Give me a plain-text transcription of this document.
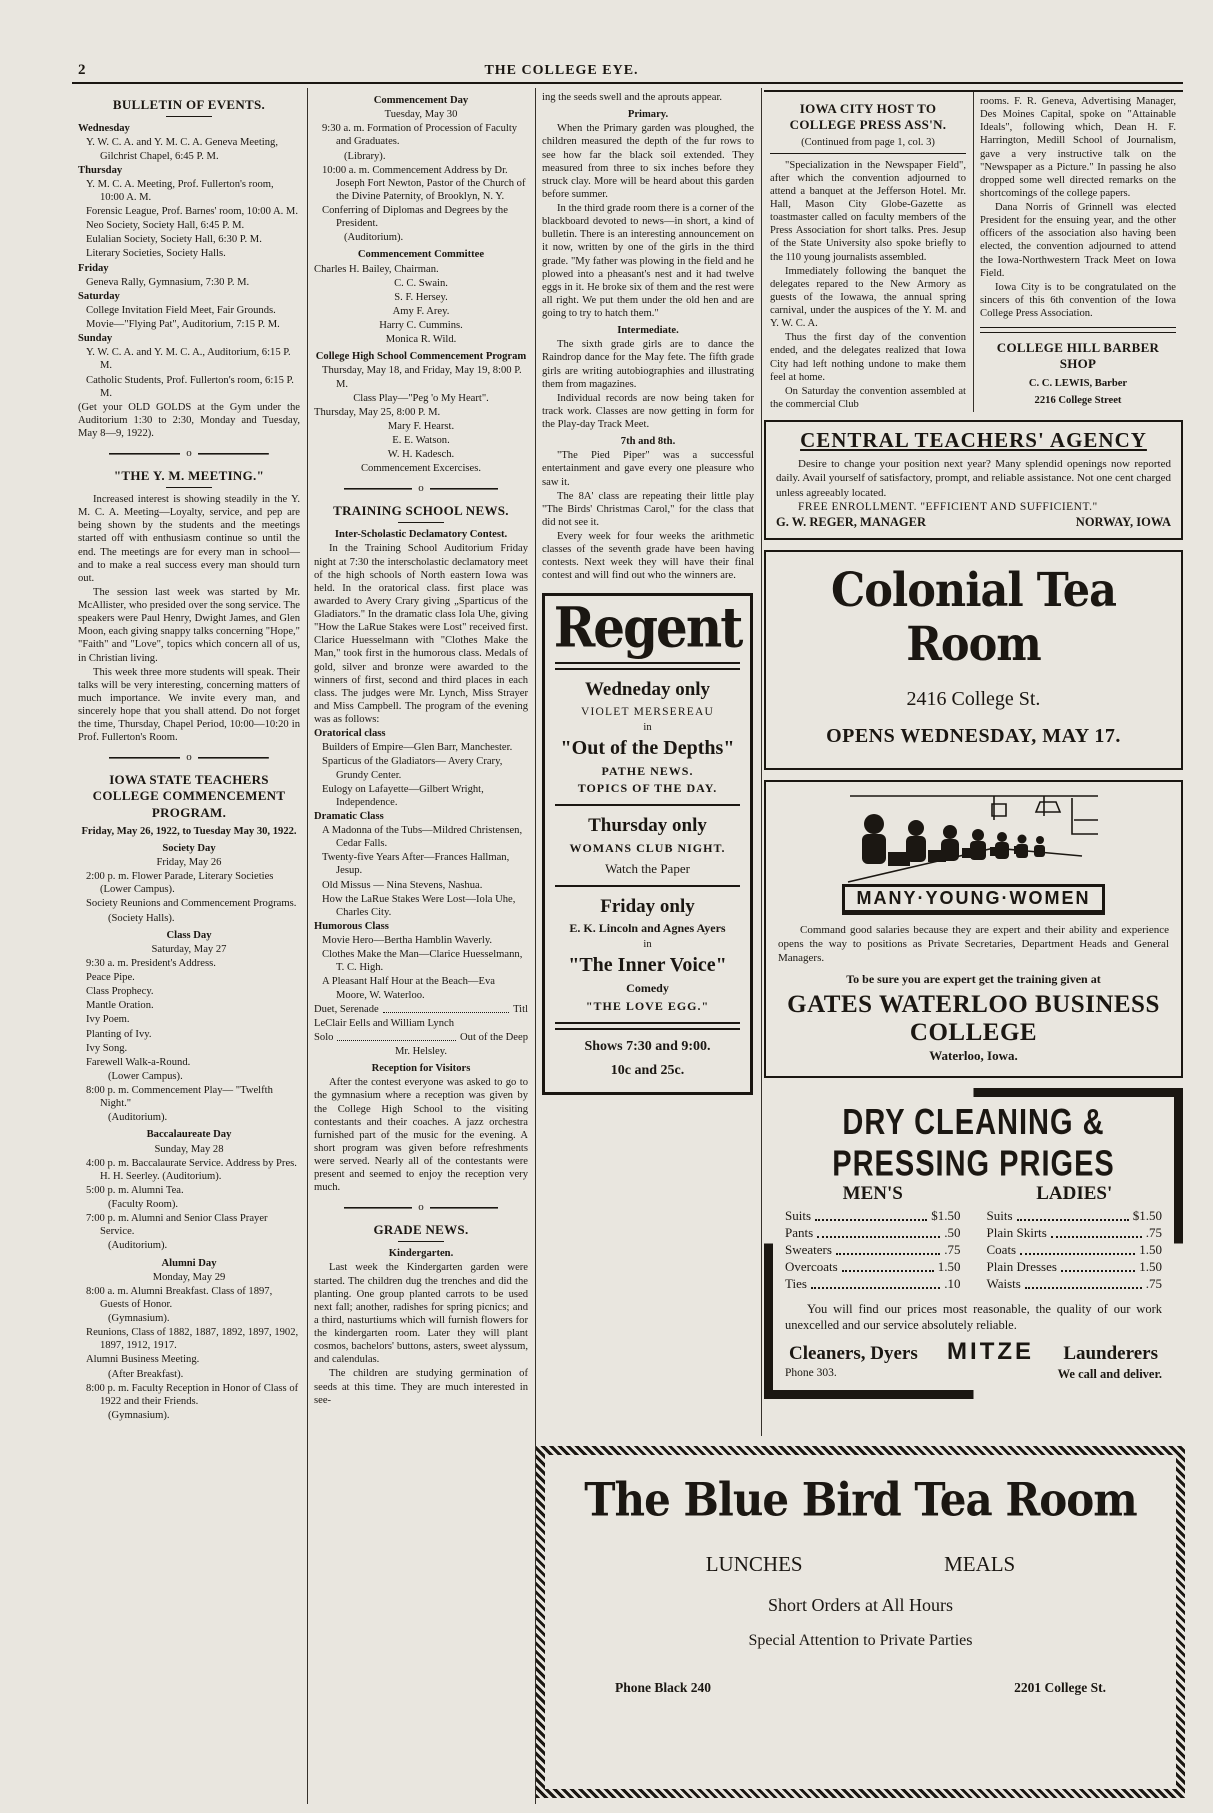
2	THE COLLEGE EYE.
BULLETIN OF EVENTS.
Wednesday
Y. W. C. A. and Y. M. C. A. Geneva Meeting, Gilchrist Chapel, 6:45 P. M.
Thursday
Y. M. C. A. Meeting, Prof. Fullerton's room, 10:00 A. M.
Forensic League, Prof. Barnes' room, 10:00 A. M.
Neo Society, Society Hall, 6:45 P. M.
Eulalian Society, Society Hall, 6:30 P. M.
Literary Societies, Society Halls.
Friday
Geneva Rally, Gymnasium, 7:30 P. M.
Saturday
College Invitation Field Meet, Fair Grounds.
Movie—"Flying Pat", Auditorium, 7:15 P. M.
Sunday
Y. W. C. A. and Y. M. C. A., Auditorium, 6:15 P. M.
Catholic Students, Prof. Fullerton's room, 6:15 P. M.
(Get your OLD GOLDS at the Gym under the Auditorium 1:30 to 2:30, Monday and Tuesday, May 8—9, 1922).
o
"THE Y. M. MEETING."
Increased interest is showing steadily in the Y. M. C. A. Meeting—Loyalty, service, and pep are being shown by the students and the meetings started off with enthusiasm continue so until the end. The meetings are for every man in school—and to make a real success every man should turn out.
The session last week was started by Mr. McAllister, who presided over the song service. The speakers were Paul Henry, Dwight James, and Glen Moon, each giving snappy talks concerning "Hope," "Faith" and "Love", topics which concern all of us, in Christian living.
This week three more students will speak. Their talks will be very interesting, concerning matters of much importance. We invite every man, and sincerely hope that you shall attend. Do not forget the time, Thursday, Chapel Period, 10:00—10:20 in Prof. Fullerton's Room.
o
IOWA STATE TEACHERS COLLEGE COMMENCEMENT PROGRAM.
Friday, May 26, 1922, to Tuesday May 30, 1922.
Society Day
Friday, May 26
2:00 p. m. Flower Parade, Literary Societies (Lower Campus).
Society Reunions and Commencement Programs.
(Society Halls).
Class Day
Saturday, May 27
9:30 a. m. President's Address.
Peace Pipe.
Class Prophecy.
Mantle Oration.
Ivy Poem.
Planting of Ivy.
Ivy Song.
Farewell Walk-a-Round.
(Lower Campus).
8:00 p. m. Commencement Play— "Twelfth Night."
(Auditorium).
Baccalaureate Day
Sunday, May 28
4:00 p. m. Baccalaurate Service. Address by Pres. H. H. Seerley. (Auditorium).
5:00 p. m. Alumni Tea.
(Faculty Room).
7:00 p. m. Alumni and Senior Class Prayer Service.
(Auditorium).
Alumni Day
Monday, May 29
8:00 a. m. Alumni Breakfast. Class of 1897, Guests of Honor.
(Gymnasium).
Reunions, Class of 1882, 1887, 1892, 1897, 1902, 1897, 1912, 1917.
Alumni Business Meeting.
(After Breakfast).
8:00 p. m. Faculty Reception in Honor of Class of 1922 and their Friends.
(Gymnasium).
Commencement Day
Tuesday, May 30
9:30 a. m. Formation of Procession of Faculty and Graduates.
(Library).
10:00 a. m. Commencement Address by Dr. Joseph Fort Newton, Pastor of the Church of the Divine Paternity, of Brooklyn, N. Y.
Conferring of Diplomas and Degrees by the President.
(Auditorium).
Commencement Committee
Charles H. Bailey, Chairman.
C. C. Swain.
S. F. Hersey.
Amy F. Arey.
Harry C. Cummins.
Monica R. Wild.
College High School Commencement Program
Thursday, May 18, and Friday, May 19, 8:00 P. M.
Class Play—"Peg 'o My Heart".
Thursday, May 25, 8:00 P. M.
Mary F. Hearst.
E. E. Watson.
W. H. Kadesch.
Commencement Excercises.
o
TRAINING SCHOOL NEWS.
Inter-Scholastic Declamatory Contest.
In the Training School Auditorium Friday night at 7:30 the interscholastic declamatory meet of the high schools of North eastern Iowa was held. In the oratorical class. first place was awarded to Avery Crary giving „Sparticus of the Gladiators." In the dramatic class Iola Uhe, giving "How the LaRue Stakes were Lost" received first. Clarice Huesselmann with "Clothes Make the Man," took first in the humorous class. Medals of gold, silver and bronze were awarded to the winners of first, second and third places in each class. The judges were Mr. Lynch, Miss Strayer and Miss Campbell. The program of the evening was as follows:
Oratorical class
Builders of Empire—Glen Barr, Manchester.
Sparticus of the Gladiators— Avery Crary, Grundy Center.
Eulogy on Lafayette—Gilbert Wright, Independence.
Dramatic Class
A Madonna of the Tubs—Mildred Christensen, Cedar Falls.
Twenty-five Years After—Frances Hallman, Jesup.
Old Missus — Nina Stevens, Nashua.
How the LaRue Stakes Were Lost—Iola Uhe, Charles City.
Humorous Class
Movie Hero—Bertha Hamblin Waverly.
Clothes Make the Man—Clarice Huesselmann, T. C. High.
A Pleasant Half Hour at the Beach—Eva Moore, W. Waterloo.
Duet, Serenade	Titl
LeClair Eells and William Lynch
Solo	Out of the Deep
Mr. Helsley.
Reception for Visitors
After the contest everyone was asked to go to the gymnasium where a reception was given by the College High School to the visiting contestants and their coaches. A jazz orchestra furnished part of the music for the evening. A short program was given before refreshments were served. Nearly all of the contestants were present and seemed to enjoy the reception very much.
o
GRADE NEWS.
Kindergarten.
Last week the Kindergarten garden were started. The children dug the trenches and did the planting. One group planted carrots to be used next fall; another, radishes for spring picnics; and a third, nasturtiums which will furnish flowers for the kindergarten room. Later they will plant cosmos, bachelors' buttons, asters, sweet alyssum, and calendulas.
The children are studying germination of seeds at this time. They are much interested in see-
ing the seeds swell and the aprouts appear.
Primary.
When the Primary garden was ploughed, the children measured the depth of the fur rows to see how far the black soil extended. They measured from three to six inches before they struck clay. More will be heard about this garden before summer.
In the third grade room there is a corner of the blackboard devoted to news—in short, a kind of bulletin. There is an interesting announcement on it now, written by one of the girls in the third grade. "My father was plowing in the field and he plowed into a pheasant's nest and it had twelve eggs in it. He broke six of them and the rest were all right. We put them under the old hen and are going to try to hatch them."
Intermediate.
The sixth grade girls are to dance the Raindrop dance for the May fete. The fifth grade girls are writing autobiographies and illustrating them from magazines.
Individual records are now being taken for track work. Classes are now getting in form for the Play-day Track Meet.
7th and 8th.
"The Pied Piper" was a successful entertainment and gave every one pleasure who saw it.
The 8A' class are repeating their little play "The Birds' Christmas Carol," for the class that did not see it.
Every week for four weeks the arithmetic classes of the seventh grade have been having contests. Next week they will have their final contest and will find out who the winners are.
Regent
Wedneday only
VIOLET MERSEREAU
in
"Out of the Depths"
PATHE NEWS.
TOPICS OF THE DAY.
Thursday only
WOMANS CLUB NIGHT.
Watch the Paper
Friday only
E. K. Lincoln and Agnes Ayers
in
"The Inner Voice"
Comedy
"THE LOVE EGG."
Shows 7:30 and 9:00.
10c and 25c.
IOWA CITY HOST TO COLLEGE PRESS ASS'N.
(Continued from page 1, col. 3)
"Specialization in the Newspaper Field", after which the convention adjourned to attend a banquet at the Jefferson Hotel. Mr. Hall, Mason City Globe-Gazette as toastmaster called on faculty members of the Press Association for short talks. Pres. Jesup of the State University also spoke briefly to the 110 young journalists assembled.
Immediately following the banquet the delegates repared to the New Armory as guests of the Iowawa, the annual spring carnival, under the auspices of the Y. M. and Y. W. C. A.
Thus the first day of the convention ended, and the delegates realized that Iowa City had left nothing undone to make them feel at home.
On Saturday the convention assembled at the commercial Club
rooms. F. R. Geneva, Advertising Manager, Des Moines Capital, spoke on "Attainable Ideals", following which, Dean H. F. Harrington, Medill School of Journalism, gave a very instructive talk on the "Newspaper as a Picture." In passing he also dropped some well directed remarks on the shortcomings of the college papers.
Dana Norris of Grinnell was elected President for the ensuing year, and the other officers of the association also having been elected, the convention adjourned to attend the Iowa-Northwestern Track Meet on Iowa Field.
Iowa City is to be congratulated on the sincers of this 6th convention of the Iowa College Press Association.
COLLEGE HILL BARBER SHOP
C. C. LEWIS, Barber
2216 College Street
CENTRAL TEACHERS' AGENCY
Desire to change your position next year? Many splendid openings now reported daily. Avail yourself of satisfactory, prompt, and reliable assistance. Not one cent charged unless agreeably located.
FREE ENROLLMENT. "EFFICIENT AND SUFFICIENT."
G. W. REGER, MANAGER	NORWAY, IOWA
Colonial Tea Room
2416 College St.
OPENS WEDNESDAY, MAY 17.
MANY·YOUNG·WOMEN
Command good salaries because they are expert and their ability and experience opens the way to positions as Private Secretaries, Department Heads and General Managers.
To be sure you are expert get the training given at
GATES WATERLOO BUSINESS COLLEGE
Waterloo, Iowa.
DRY CLEANING & PRESSING PRIGES
MEN'S
Suits	$1.50
Pants	.50
Sweaters	.75
Overcoats	1.50
Ties	.10
LADIES'
Suits	$1.50
Plain Skirts	.75
Coats	1.50
Plain Dresses	1.50
Waists	.75
You will find our prices most reasonable, the quality of our work unexcelled and our service absolutely reliable.
Cleaners, Dyers MITZE Launderers
Phone 303.	We call and deliver.
The Blue Bird Tea Room
LUNCHES	MEALS
Short Orders at All Hours
Special Attention to Private Parties
Phone Black 240	2201 College St.
